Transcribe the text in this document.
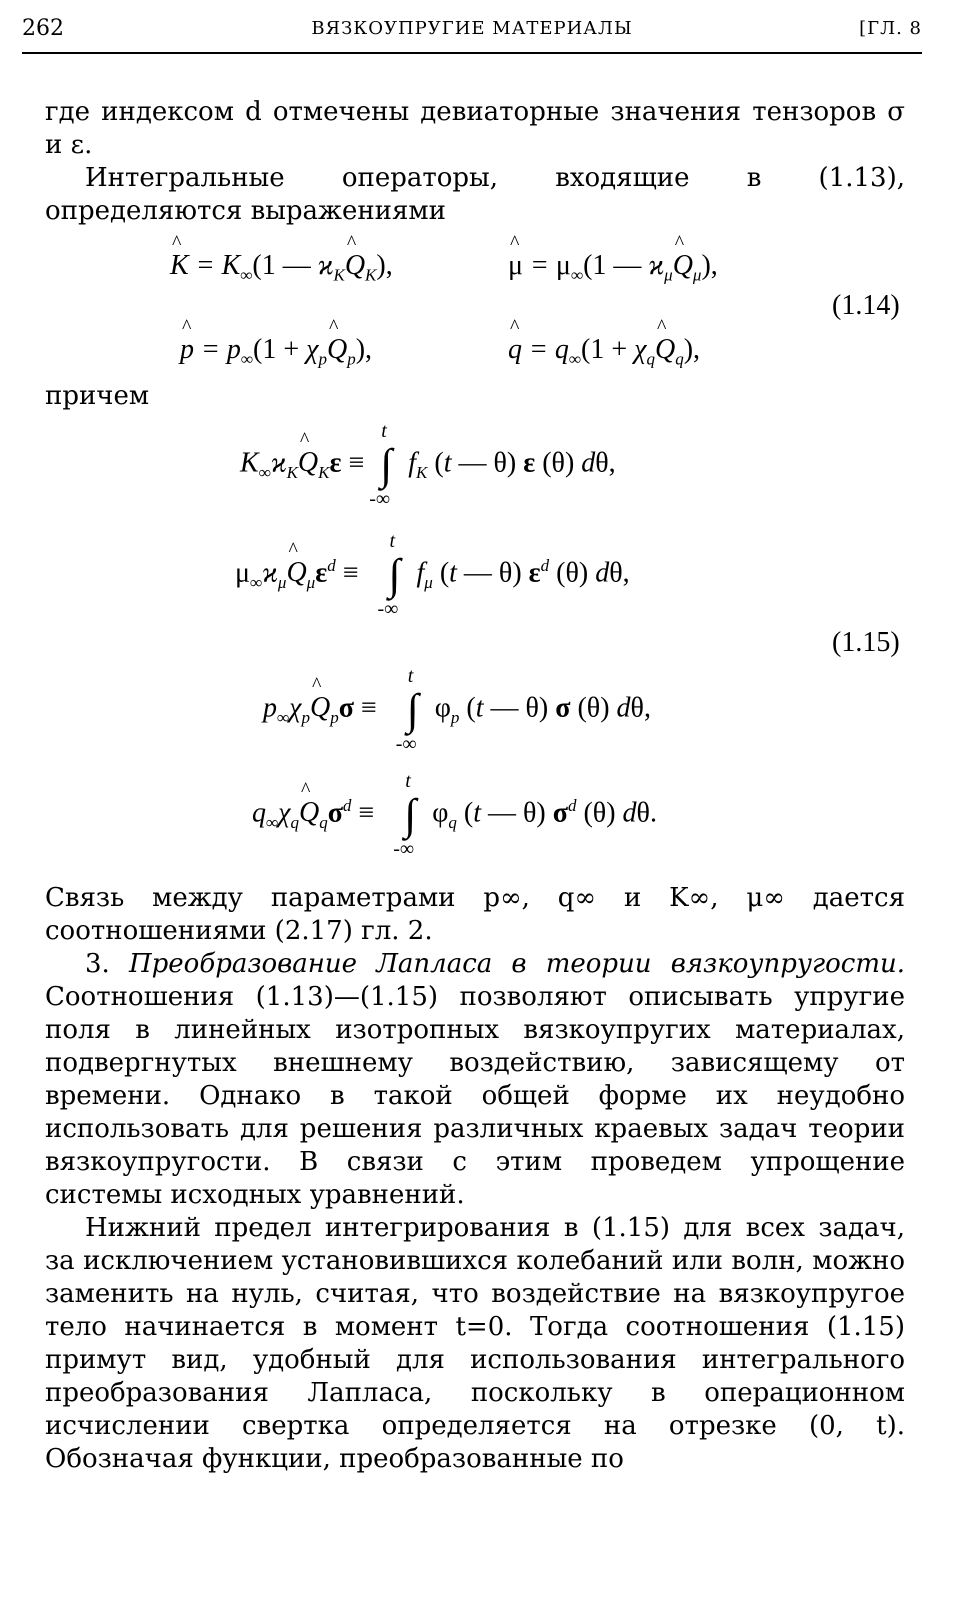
262	ВЯЗКОУПРУГИЕ МАТЕРИАЛЫ	[ГЛ. 8
где индексом d отмечены девиаторные значения тензоров σ и ε.
Интегральные операторы, входящие в (1.13), определяются выражениями
^ $K = K_\infty(1$ — $ϰ_K\^{}$ $Q_K$),	^ $\mu = \mu_\infty(1$ — $ϰ_\mu\^{}$ $Q_\mu$),
^ $p = p_\infty(1$ + $\chi_p\^{}$ $Q_p$),	^ $q = q_\infty(1$ + $\chi_q\^{}$ $Q_q$),
(1.14)
причем
$K_\infty ϰ_K\^{}$ $Q_K\varepsilon$ ≡ ∫
t
-∞
$f_K$ (t — θ) ε (θ) dθ,
$\mu_\infty ϰ_\mu\^{}$ $Q_\mu\varepsilon^d$ ≡ ∫
t
-∞
$f_\mu$ (t — θ) $\varepsilon^d$ (θ) dθ,
(1.15)
$p_\infty\chi_p\^{}$ $Q_p\sigma$ ≡ ∫
t
-∞
$\varphi_p$ (t — θ) σ (θ) dθ,
$q_\infty\chi_q\^{}$ $Q_q\sigma^d$ ≡ ∫
t
-∞
$\varphi_q$ (t — θ) $\sigma^d$ (θ) dθ.
Связь между параметрами p∞, q∞ и K∞, μ∞ дается соотношениями (2.17) гл. 2.
3. Преобразование Лапласа в теории вязкоупругости. Соотношения (1.13)—(1.15) позволяют описывать упругие поля в линейных изотропных вязкоупругих материалах, подвергнутых внешнему воздействию, зависящему от времени. Однако в такой общей форме их неудобно использовать для решения различных краевых задач теории вязкоупругости. В связи с этим проведем упрощение системы исходных уравнений.
Нижний предел интегрирования в (1.15) для всех задач, за исключением установившихся колебаний или волн, можно заменить на нуль, считая, что воздействие на вязкоупругое тело начинается в момент t=0. Тогда соотношения (1.15) примут вид, удобный для использования интегрального преобразования Лапласа, поскольку в операционном исчислении свертка определяется на отрезке (0, t). Обозначая функции, преобразованные по
